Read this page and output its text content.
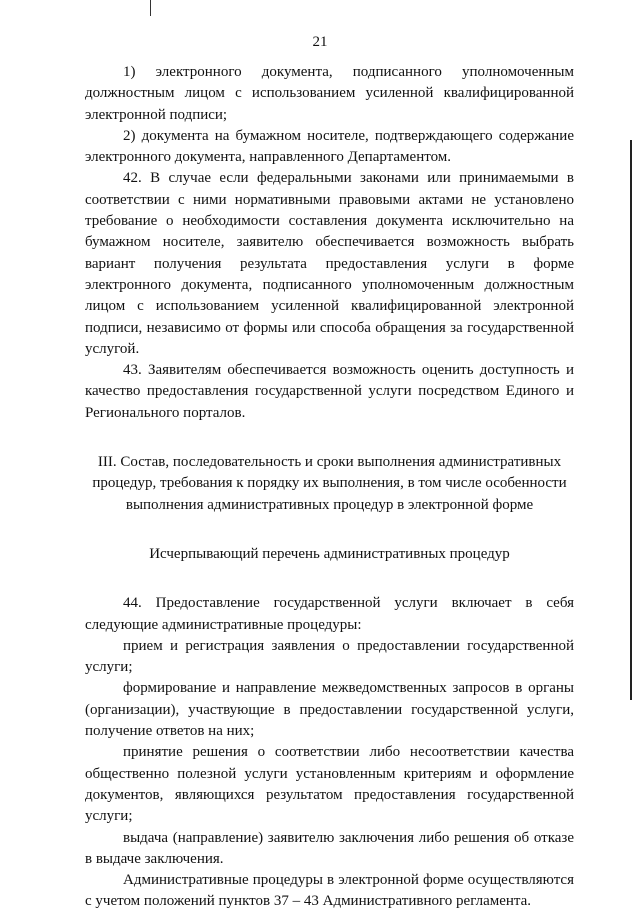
21

1) электронного документа, подписанного уполномоченным должностным лицом с использованием усиленной квалифицированной электронной подписи;

2) документа на бумажном носителе, подтверждающего содержание электронного документа, направленного Департаментом.

42. В случае если федеральными законами или принимаемыми в соответствии с ними нормативными правовыми актами не установлено требование о необходимости составления документа исключительно на бумажном носителе, заявителю обеспечивается возможность выбрать вариант получения результата предоставления услуги в форме электронного документа, подписанного уполномоченным должностным лицом с использованием усиленной квалифицированной электронной подписи, независимо от формы или способа обращения за государственной услугой.

43. Заявителям обеспечивается возможность оценить доступность и качество предоставления государственной услуги посредством Единого и Регионального порталов.

III. Состав, последовательность и сроки выполнения административных процедур, требования к порядку их выполнения, в том числе особенности выполнения административных процедур в электронной форме

Исчерпывающий перечень административных процедур

44. Предоставление государственной услуги включает в себя следующие административные процедуры:

прием и регистрация заявления о предоставлении государственной услуги;

формирование и направление межведомственных запросов в органы (организации), участвующие в предоставлении государственной услуги, получение ответов на них;

принятие решения о соответствии либо несоответствии качества общественно полезной услуги установленным критериям и оформление документов, являющихся результатом предоставления государственной услуги;

выдача (направление) заявителю заключения либо решения об отказе в выдаче заключения.

Административные процедуры в электронной форме осуществляются с учетом положений пунктов 37 – 43 Административного регламента.
